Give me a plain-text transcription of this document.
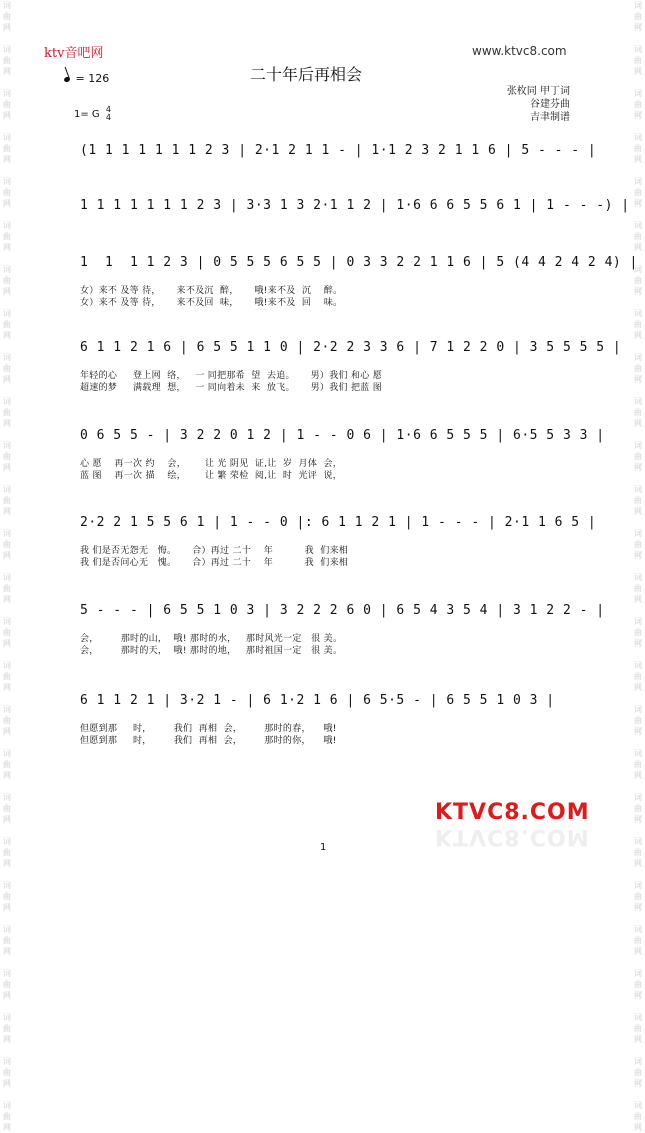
词
曲
网

词
曲
网

词
曲
网

词
曲
网

词
曲
网

词
曲
网

词
曲
网

词
曲
网

词
曲
网

词
曲
网

词
曲
网

词
曲
网

词
曲
网

词
曲
网

词
曲
网

词
曲
网

词
曲
网

词
曲
网

词
曲
网

词
曲
网

词
曲
网

词
曲
网

词
曲
网

词
曲
网

词
曲
网

词
曲
网

词
曲
网

词
曲
网

词
曲
网

词
曲
网

词
曲
网

词
曲
网

词
曲
网

词
曲
网

词
曲
网

词
曲
网

词
曲
网

词
曲
网

词
曲
网

词
曲
网

词
曲
网

词
曲
网

词
曲
网

词
曲
网

词
曲
网

词
曲
网

词
曲
网

词
曲
网

词
曲
网

词
曲
网

词
曲
网

词
曲
网

ktv音吧网	www.ktvc8.com
二十年后再相会
= 126
1= G 4
4
张枚同 甲丁词
谷建芬曲
吉聿制谱
(1 1 1 1 1 1 1 2 3 | 2·1 2 1 1 - | 1·1 2 3 2 1 1 6 | 5 - - - |
1 1 1 1 1 1 1 2 3 | 3·3 1 3 2·1 1 2 | 1·6 6 6 5 5 6 1 | 1 - - -) |
1  1  1 1 2 3 | 0 5 5 5 6 5 5 | 0 3 3 2 2 1 1 6 | 5 (4 4 2 4 2 4) |
女）来不 及等 待，     来不及沉  醉，     哦!来不及  沉    醉。
女）来不 及等 待，     来不及回  味，     哦!来不及  回    味。
6 1 1 2 1 6 | 6 5 5 1 1 0 | 2·2 2 3 3 6 | 7 1 2 2 0 | 3 5 5 5 5 |
年轻的心     登上网  络，   一 同把那希  望  去追。     男）我们 和心 愿
超速的梦     满载理  想，   一 同向着未  来  放飞。     男）我们 把蓝 图
0 6 5 5 - | 3 2 2 0 1 2 | 1 - - 0 6 | 1·6 6 5 5 5 | 6·5 5 3 3 |
心 愿    再一次 约    会，      让 光 阴见  证,让  岁  月体  会，
蓝 图    再一次 描    绘，      让 繁 荣检  阅,让  时  光评  说，
2·2 2 1 5 5 6 1 | 1 - - 0 |: 6 1 1 2 1 | 1 - - - | 2·1 1 6 5 |
我 们是否无怨无   悔。     合）再过 二十    年          我  们来相
我 们是否问心无   愧。     合）再过 二十    年          我  们来相
5 - - - | 6 5 5 1 0 3 | 3 2 2 2 6 0 | 6 5 4 3 5 4 | 3 1 2 2 - |
会，       那时的山，  哦! 那时的水，   那时风光一定   很 美。
会，       那时的天，  哦! 那时的地，   那时祖国一定   很 美。
6 1 1 2 1 | 3·2 1 - | 6 1·2 1 6 | 6 5·5 - | 6 5 5 1 0 3 |
但愿到那     时，       我们  再相  会，       那时的春，    哦!
但愿到那     时，       我们  再相  会，       那时的你，    哦!
KTVC8.COM
KTVC8.COM
1
